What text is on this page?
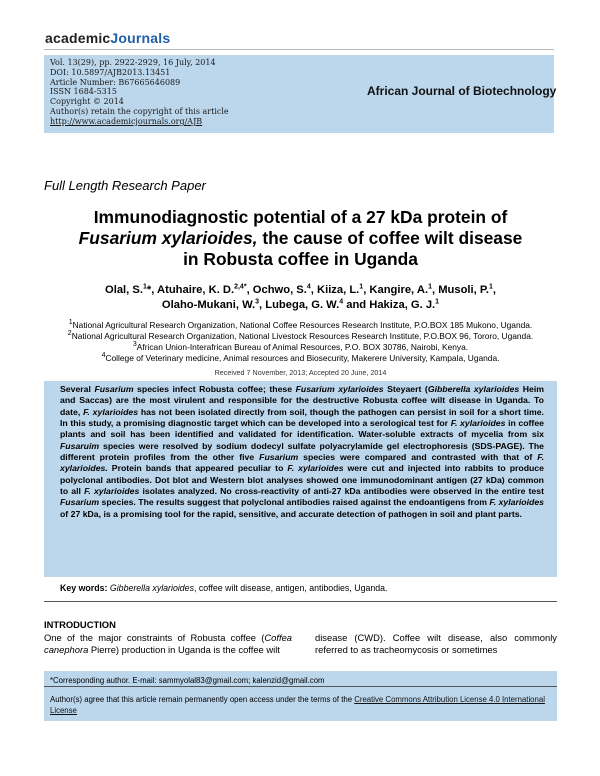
academicJournals
Vol. 13(29), pp. 2922-2929, 16 July, 2014
DOI: 10.5897/AJB2013.13451
Article Number: B67665646089
ISSN 1684-5315
Copyright © 2014
Author(s) retain the copyright of this article
http://www.academicjournals.org/AJB
African Journal of Biotechnology
Full Length Research Paper
Immunodiagnostic potential of a 27 kDa protein of
Fusarium xylarioides, the cause of coffee wilt disease
in Robusta coffee in Uganda
Olal, S.$^1$*, Atuhaire, K. D.$^{2,4*}$, Ochwo, S.$^4$, Kiiza, L.$^1$, Kangire, A.$^1$, Musoli, P.$^1$,
Olaho-Mukani, W.$^3$, Lubega, G. W.$^4$ and Hakiza, G. J.$^1$
$^1$National Agricultural Research Organization, National Coffee Resources Research Institute, P.O.BOX 185 Mukono, Uganda.
$^2$National Agricultural Research Organization, National Livestock Resources Research Institute, P.O.BOX 96, Tororo, Uganda.
$^3$African Union-Interafrican Bureau of Animal Resources, P.O. BOX 30786, Nairobi, Kenya.
$^4$College of Veterinary medicine, Animal resources and Biosecurity, Makerere University, Kampala, Uganda.
Received 7 November, 2013; Accepted 20 June, 2014
Several Fusarium species infect Robusta coffee; these Fusarium xylarioides Steyaert (Gibberella xylarioides Heim and Saccas) are the most virulent and responsible for the destructive Robusta coffee wilt disease in Uganda. To date, F. xylarioides has not been isolated directly from soil, though the pathogen can persist in soil for a short time. In this study, a promising diagnostic target which can be developed into a serological test for F. xylarioides in coffee plants and soil has been identified and validated for identification. Water-soluble extracts of mycelia from six Fusaruim species were resolved by sodium dodecyl sulfate polyacrylamide gel electrophoresis (SDS-PAGE). The different protein profiles from the other five Fusarium species were compared and contrasted with that of F. xylarioides. Protein bands that appeared peculiar to F. xylarioides were cut and injected into rabbits to produce polyclonal antibodies. Dot blot and Western blot analyses showed one immunodominant antigen (27 kDa) common to all F. xylarioides isolates analyzed. No cross-reactivity of anti-27 kDa antibodies were observed in the entire test Fusarium species. The results suggest that polyclonal antibodies raised against the endoantigens from F. xylarioides of 27 kDa, is a promising tool for the rapid, sensitive, and accurate detection of pathogen in soil and plant parts.
Key words: Gibberella xylarioides, coffee wilt disease, antigen, antibodies, Uganda.
INTRODUCTION
One of the major constraints of Robusta coffee (Coffea canephora Pierre) production in Uganda is the coffee wilt
disease (CWD). Coffee wilt disease, also commonly referred to as tracheomycosis or sometimes
*Corresponding author. E-mail: sammyolal83@gmail.com; kalenzid@gmail.com
Author(s) agree that this article remain permanently open access under the terms of the Creative Commons Attribution License 4.0 International License
